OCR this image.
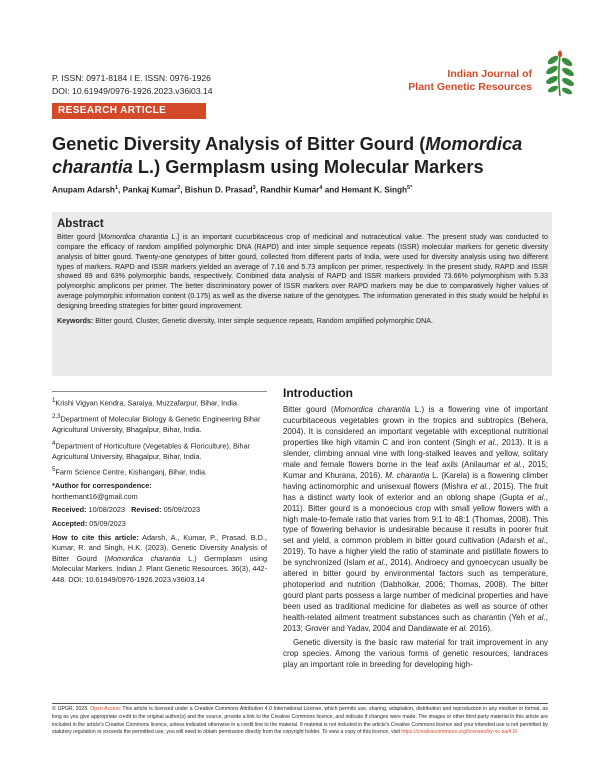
P. ISSN: 0971-8184 I E. ISSN: 0976-1926
DOI: 10.61949/0976-1926.2023.v36i03.14
Indian Journal of
Plant Genetic Resources
RESEARCH ARTICLE
Genetic Diversity Analysis of Bitter Gourd (Momordica charantia L.) Germplasm using Molecular Markers
Anupam Adarsh$^1$, Pankaj Kumar$^2$, Bishun D. Prasad$^3$, Randhir Kumar$^4$ and Hemant K. Singh$^{5*}$
Abstract

Bitter gourd [Momordica charantia L.] is an important cucurbitaceous crop of medicinal and nutraceutical value. The present study was conducted to compare the efficacy of random amplified polymorphic DNA (RAPD) and inter simple sequence repeats (ISSR) molecular markers for genetic diversity analysis of bitter gourd. Twenty-one genotypes of bitter gourd, collected from different parts of India, were used for diversity analysis using two different types of markers. RAPD and ISSR markers yielded an average of 7.16 and 5.73 amplicon per primer, respectively. In the present study, RAPD and ISSR showed 89 and 63% polymorphic bands, respectively. Combined data analysis of RAPD and ISSR markers provided 73.66% polymorphism with 5.33 polymorphic amplicons per primer. The better discriminatory power of ISSR markers over RAPD markers may be due to comparatively higher values of average polymorphic information content (0.175) as well as the diverse nature of the genotypes. The information generated in this study would be helpful in designing breeding strategies for bitter gourd improvement.

Keywords: Bitter gourd, Cluster, Genetic diversity, Inter simple sequence repeats, Random amplified polymorphic DNA.

$^1$Krishi Vigyan Kendra, Saraiya, Muzzafarpur, Bihar, India.
$^{2,3}$Department of Molecular Biology & Genetic Engineering Bihar Agricultural University, Bhagalpur, Bihar, India.
$^4$Department of Horticulture (Vegetables & Floriculture), Bihar Agricultural University, Bhagalpur, Bihar, India.
$^5$Farm Science Centre, Kishanganj, Bihar, India.
*Author for correspondence:
horthemant16@gmail.com
Received: 10/08/2023 Revised: 05/09/2023
Accepted: 05/09/2023
How to cite this article: Adarsh, A., Kumar, P., Prasad, B.D., Kumar, R. and Singh, H.K. (2023). Genetic Diversity Analysis of Bitter Gourd (Momordica charantia L.) Germplasm using Molecular Markers. Indian J. Plant Genetic Resources. 36(3), 442-448. DOI: 10.61949/0976-1926.2023.v36i03.14
Introduction

Bitter gourd (Momordica charantia L.) is a flowering vine of important cucurbitaceous vegetables grown in the tropics and subtropics (Behera, 2004). It is considered an important vegetable with exceptional nutritional properties like high vitamin C and iron content (Singh et al., 2013). It is a slender, climbing annual vine with long-stalked leaves and yellow, solitary male and female flowers borne in the leaf axils (Anilaumar et al., 2015; Kumar and Khurana, 2016). M. charantia L. (Karela) is a flowering climber having actinomorphic and unisexual flowers (Mishra et al., 2015). The fruit has a distinct warty look of exterior and an oblong shape (Gupta et al., 2011). Bitter gourd is a monoecious crop with small yellow flowers with a high male-to-female ratio that varies from 9:1 to 48:1 (Thomas, 2008). This type of flowering behavior is undesirable because it results in poorer fruit set and yield, a common problem in bitter gourd cultivation (Adarsh et al., 2019). To have a higher yield the ratio of staminate and pistillate flowers to be synchronized (Islam et al., 2014). Androecy and gynoecycan usually be altered in bitter gourd by environmental factors such as temperature, photoperiod and nutrition (Dabholkar, 2006; Thomas, 2008). The bitter gourd plant parts possess a large number of medicinal properties and have been used as traditional medicine for diabetes as well as source of other health-related ailment treatment substances such as charantin (Yeh et al., 2013; Grover and Yadav, 2004 and Dandawate et al. 2016).

Genetic diversity is the basic raw material for trait improvement in any crop species. Among the various forms of genetic resources, landraces play an important role in breeding for developing high-

© IJPGR, 2023. Open Access This article is licensed under a Creative Commons Attribution 4.0 International License, which permits use, sharing, adaptation, distribution and reproduction in any medium or format, as long as you give appropriate credit to the original author(s) and the source, provide a link to the Creative Commons licence, and indicate if changes were made. The images or other third party material in this article are included in the article's Creative Commons licence, unless indicated otherwise in a credit line to the material. If material is not included in the article's Creative Commons licence and your intended use is not permitted by statutory regulation or exceeds the permitted use, you will need to obtain permission directly from the copyright holder. To view a copy of this licence, visit https://creativecommons.org/licenses/by-nc-sa/4.0/.
